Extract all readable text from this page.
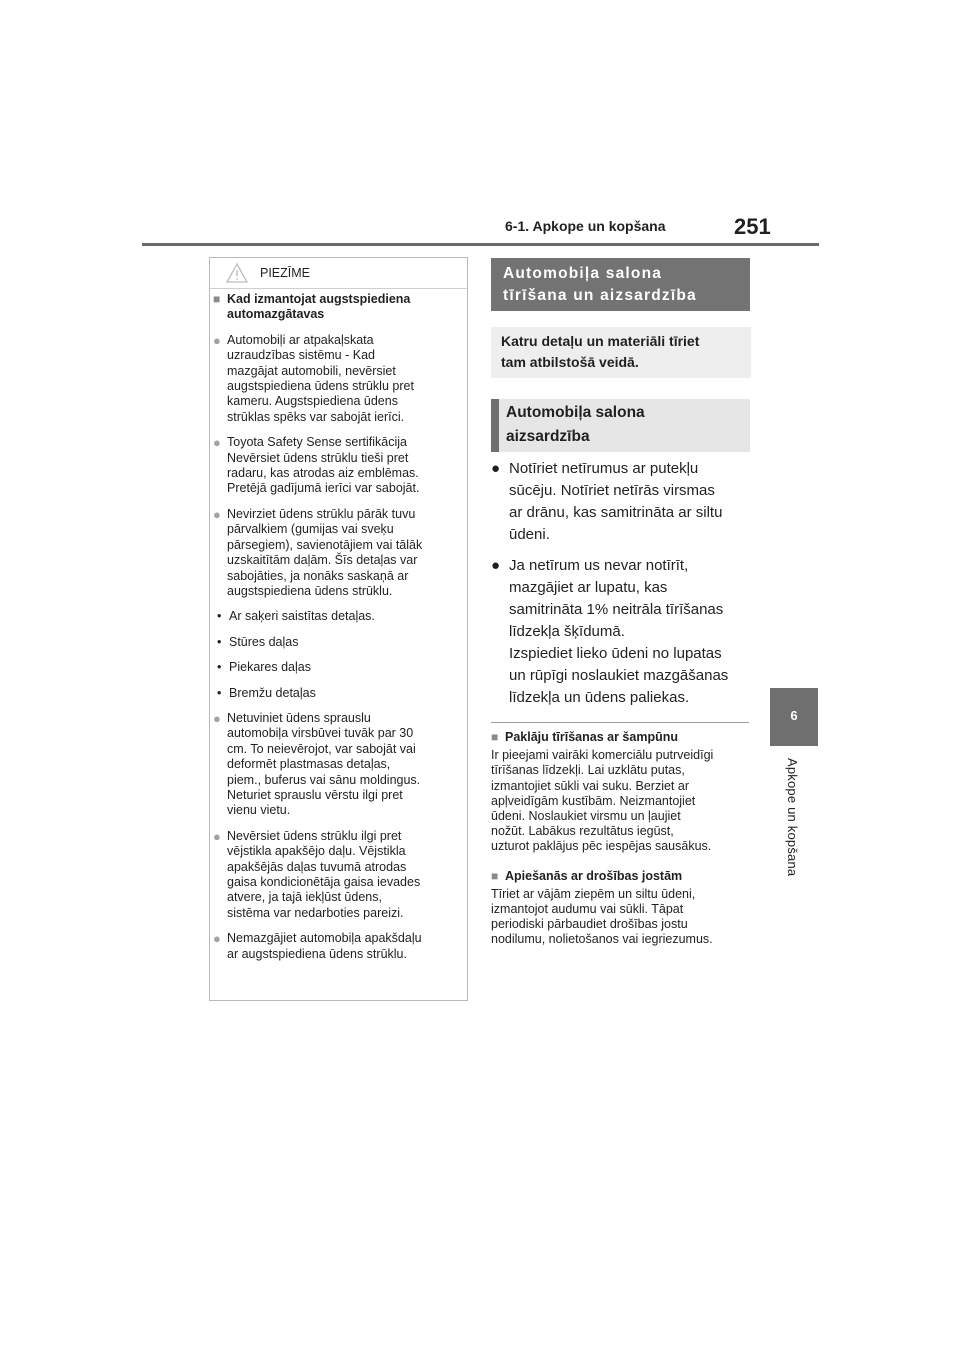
6-1. Apkope un kopšana	251
6
Apkope un kopšana
PIEZĪME
■ Kad izmantojat augstspiediena
automazgātavas
● Automobiļi ar atpakaļskata
uzraudzības sistēmu - Kad
mazgājat automobili, nevērsiet
augstspiediena ūdens strūklu pret
kameru. Augstspiediena ūdens
strūklas spēks var sabojāt ierīci.
● Toyota Safety Sense sertifikācija
Nevērsiet ūdens strūklu tieši pret
radaru, kas atrodas aiz emblēmas.
Pretējā gadījumā ierīci var sabojāt.
● Nevirziet ūdens strūklu pārāk tuvu
pārvalkiem (gumijas vai sveķu
pārsegiem), savienotājiem vai tālāk
uzskaitītām daļām. Šīs detaļas var
sabojāties, ja nonāks saskaņā ar
augstspiediena ūdens strūklu.
• Ar saķeri saistītas detaļas.
• Stūres daļas
• Piekares daļas
• Bremžu detaļas
● Netuviniet ūdens sprauslu
automobiļa virsbūvei tuvāk par 30
cm. To neievērojot, var sabojāt vai
deformēt plastmasas detaļas,
piem., buferus vai sānu moldingus.
Neturiet sprauslu vērstu ilgi pret
vienu vietu.
● Nevērsiet ūdens strūklu ilgi pret
vējstikla apakšējo daļu. Vējstikla
apakšējās daļas tuvumā atrodas
gaisa kondicionētāja gaisa ievades
atvere, ja tajā iekļūst ūdens,
sistēma var nedarboties pareizi.
● Nemazgājiet automobiļa apakšdaļu
ar augstspiediena ūdens strūklu.
Automobiļa salona
tīrīšana un aizsardzība
Katru detaļu un materiāli tīriet
tam atbilstošā veidā.
Automobiļa salona
aizsardzība
● Notīriet netīrumus ar putekļu
sūcēju. Notīriet netīrās virsmas
ar drānu, kas samitrināta ar siltu
ūdeni.
● Ja netīrum us nevar notīrīt,
mazgājiet ar lupatu, kas
samitrināta 1% neitrāla tīrīšanas
līdzekļa šķīdumā.
Izspiediet lieko ūdeni no lupatas
un rūpīgi noslaukiet mazgāšanas
līdzekļa un ūdens paliekas.
■ Paklāju tīrīšanas ar šampūnu
Ir pieejami vairāki komerciālu putrveidīgi
tīrīšanas līdzekļi. Lai uzklātu putas,
izmantojiet sūkli vai suku. Berziet ar
apļveidīgām kustībām. Neizmantojiet
ūdeni. Noslaukiet virsmu un ļaujiet
nožūt. Labākus rezultātus iegūst,
uzturot paklājus pēc iespējas sausākus.
■ Apiešanās ar drošības jostām
Tīriet ar vājām ziepēm un siltu ūdeni,
izmantojot audumu vai sūkli. Tāpat
periodiski pārbaudiet drošības jostu
nodilumu, nolietošanos vai iegriezumus.
